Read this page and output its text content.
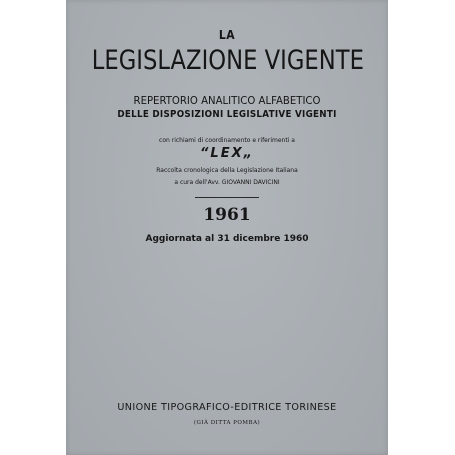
LA

LEGISLAZIONE VIGENTE

REPERTORIO ANALITICO ALFABETICO

DELLE DISPOSIZIONI LEGISLATIVE VIGENTI

con richiami di coordinamento e riferimenti a

“LEX„

Raccolta cronologica della Legislazione Italiana

a cura dell'Avv. GIOVANNI DAVICINI

1961

Aggiornata al 31 dicembre 1960

UNIONE TIPOGRAFICO-EDITRICE TORINESE

(GIÀ DITTA POMBA)
